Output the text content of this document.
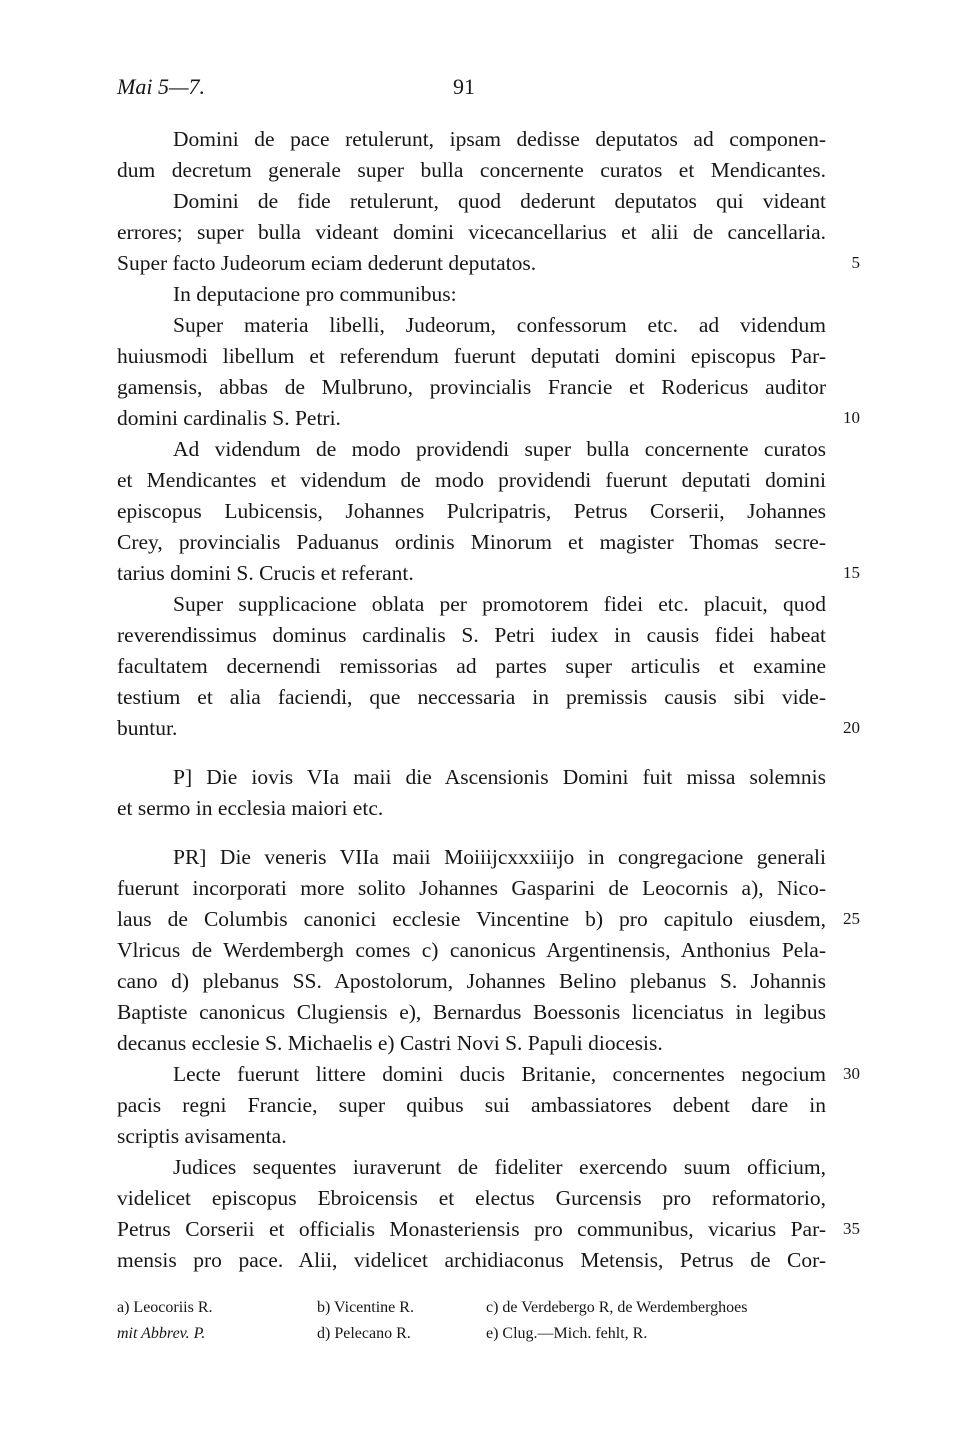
Mai 5—7.	91
Domini de pace retulerunt, ipsam dedisse deputatos ad componen-
dum decretum generale super bulla concernente curatos et Mendicantes.
Domini de fide retulerunt, quod dederunt deputatos qui videant
errores; super bulla videant domini vicecancellarius et alii de cancellaria.
Super facto Judeorum eciam dederunt deputatos.
In deputacione pro communibus:
Super materia libelli, Judeorum, confessorum etc. ad videndum
huiusmodi libellum et referendum fuerunt deputati domini episcopus Par-
gamensis, abbas de Mulbruno, provincialis Francie et Rodericus auditor
domini cardinalis S. Petri.
Ad videndum de modo providendi super bulla concernente curatos
et Mendicantes et videndum de modo providendi fuerunt deputati domini
episcopus Lubicensis, Johannes Pulcripatris, Petrus Corserii, Johannes
Crey, provincialis Paduanus ordinis Minorum et magister Thomas secre-
tarius domini S. Crucis et referant.
Super supplicacione oblata per promotorem fidei etc. placuit, quod
reverendissimus dominus cardinalis S. Petri iudex in causis fidei habeat
facultatem decernendi remissorias ad partes super articulis et examine
testium et alia faciendi, que neccessaria in premissis causis sibi vide-
buntur.
P] Die iovis VIa maii die Ascensionis Domini fuit missa solemnis
et sermo in ecclesia maiori etc.
PR] Die veneris VIIa maii Moiiijcxxxiiijo in congregacione generali
fuerunt incorporati more solito Johannes Gasparini de Leocornis a), Nico-
laus de Columbis canonici ecclesie Vincentine b) pro capitulo eiusdem,
Vlricus de Werdembergh comes c) canonicus Argentinensis, Anthonius Pela-
cano d) plebanus SS. Apostolorum, Johannes Belino plebanus S. Johannis
Baptiste canonicus Clugiensis e), Bernardus Boessonis licenciatus in legibus
decanus ecclesie S. Michaelis e) Castri Novi S. Papuli diocesis.
Lecte fuerunt littere domini ducis Britanie, concernentes negocium
pacis regni Francie, super quibus sui ambassiatores debent dare in
scriptis avisamenta.
Judices sequentes iuraverunt de fideliter exercendo suum officium,
videlicet episcopus Ebroicensis et electus Gurcensis pro reformatorio,
Petrus Corserii et officialis Monasteriensis pro communibus, vicarius Par-
mensis pro pace. Alii, videlicet archidiaconus Metensis, Petrus de Cor-
5
10
15
20
25
30
35
a) Leocoriis R.	b) Vicentine R.	c) de Verdebergo R, de Werdemberghoes
mit Abbrev. P.	d) Pelecano R.	e) Clug.—Mich. fehlt, R.
